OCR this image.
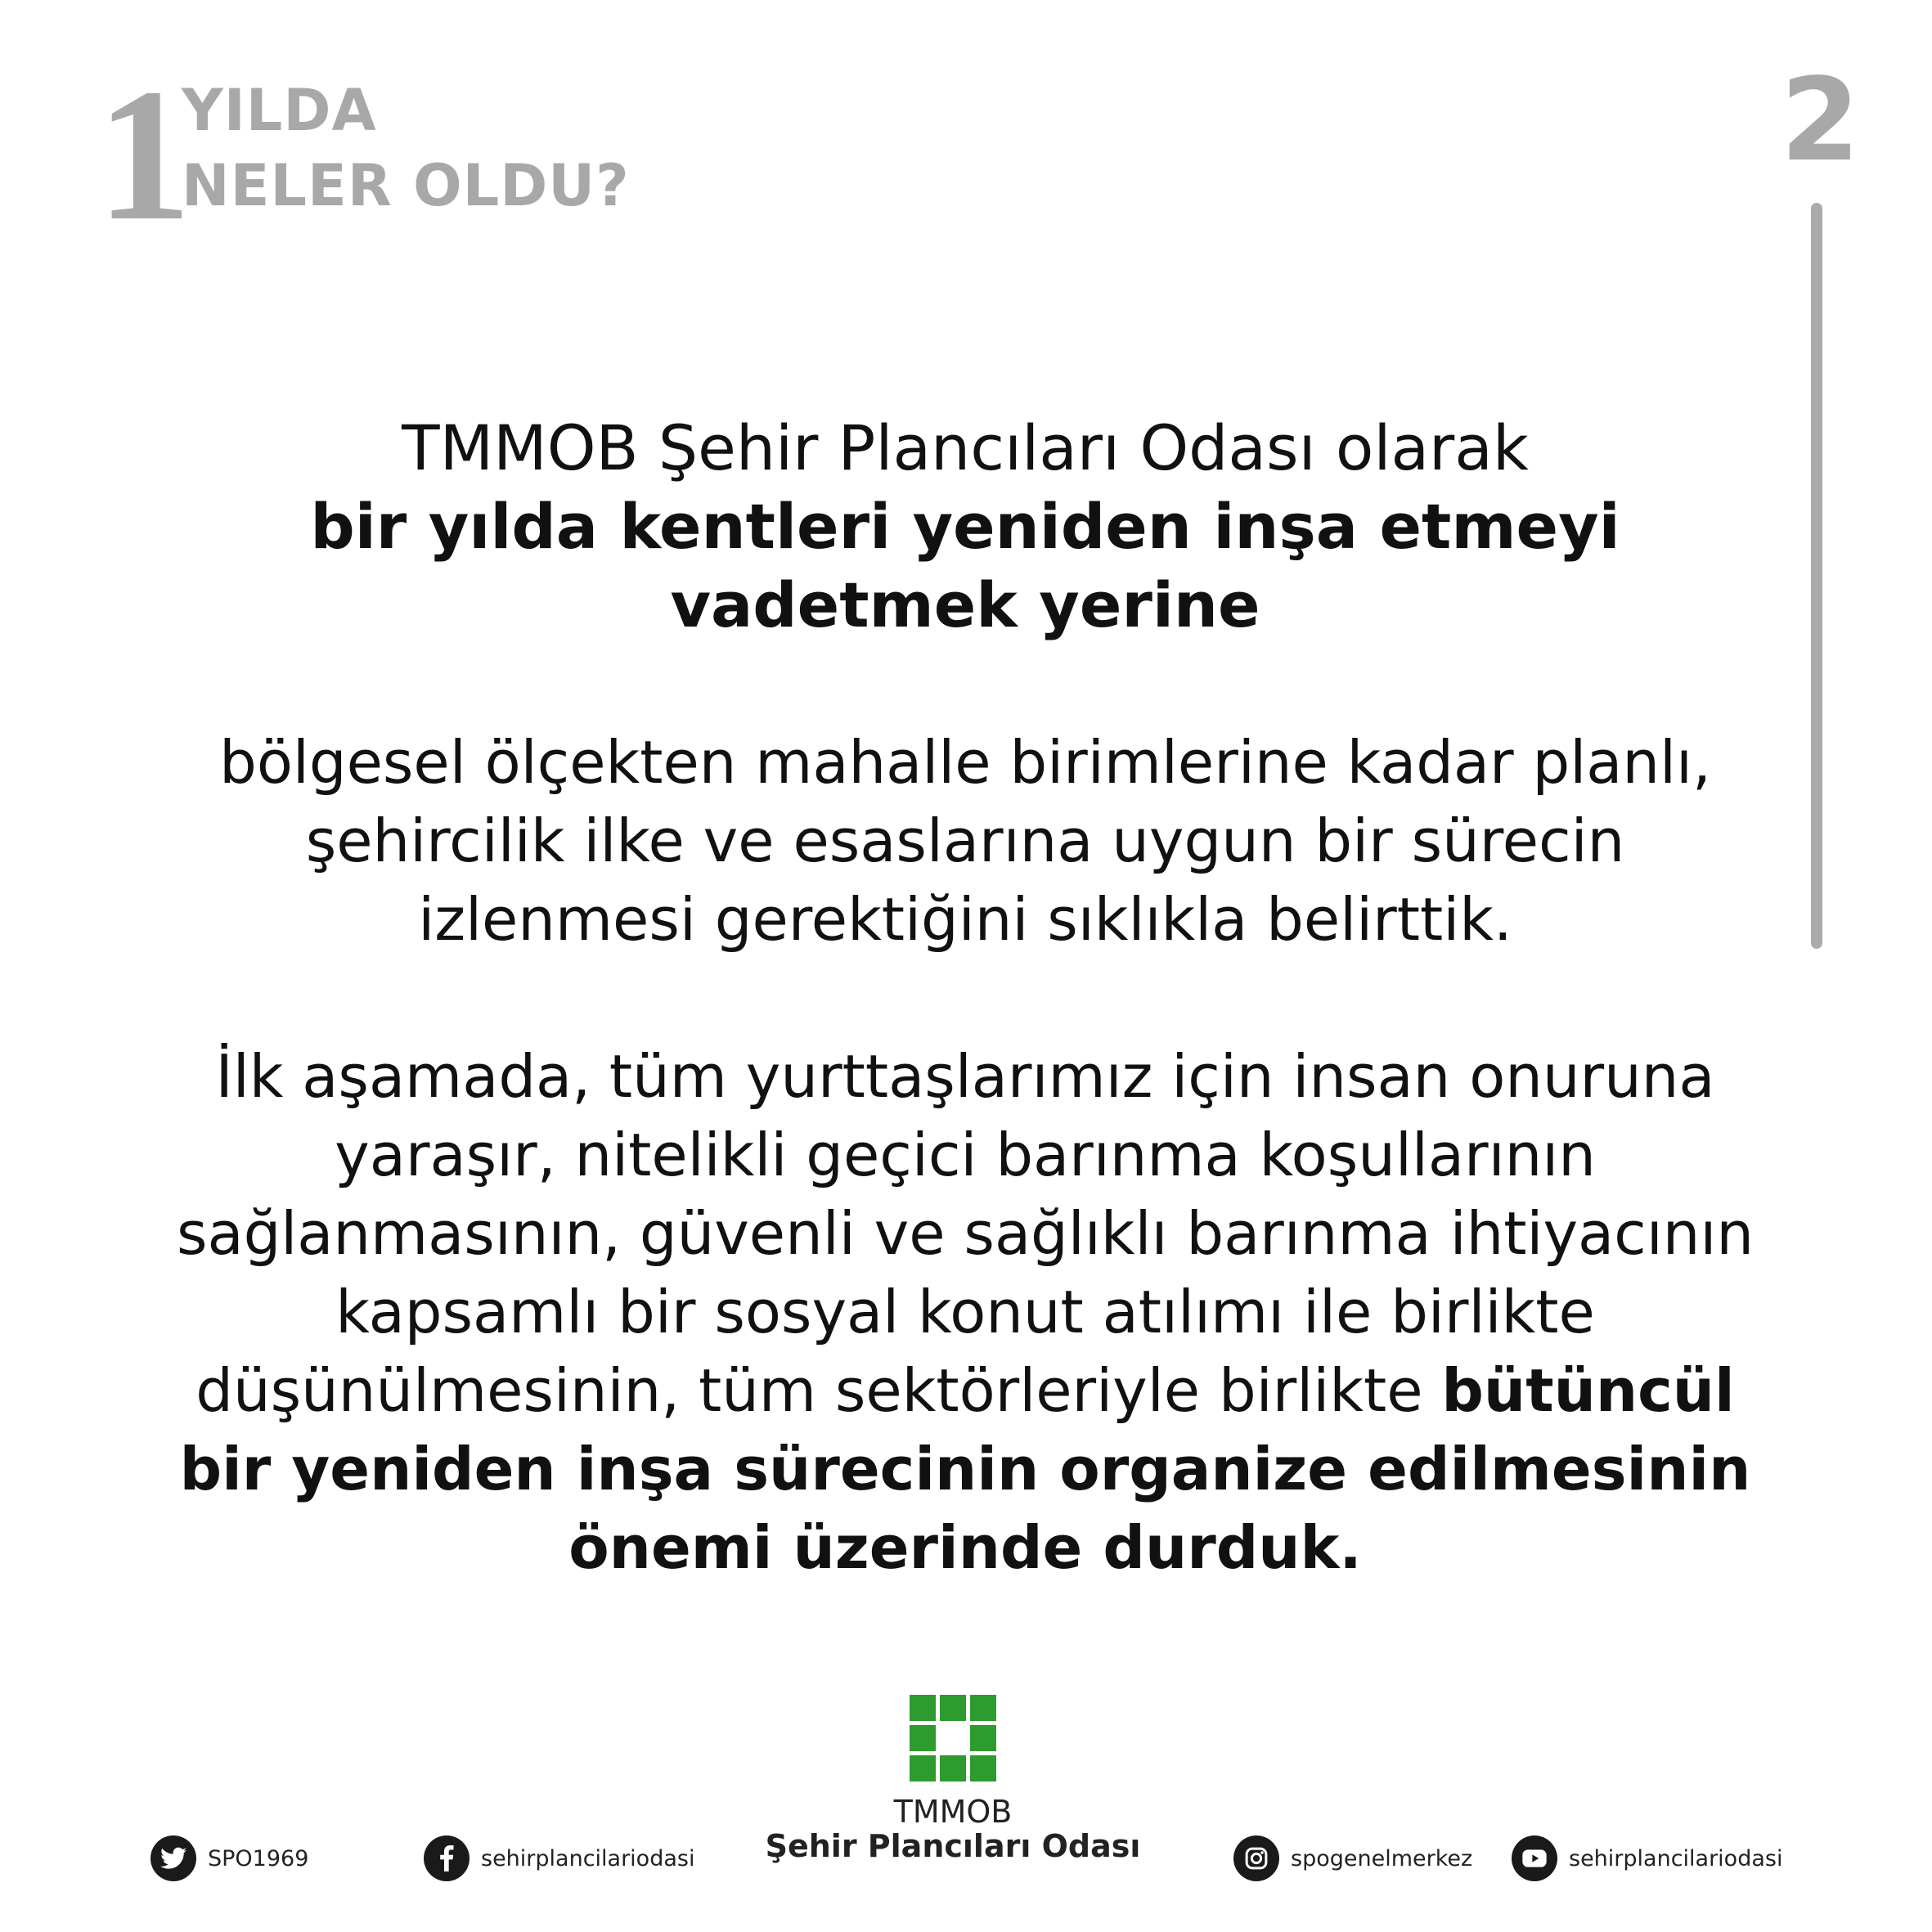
1
YILDA
NELER OLDU?	2

TMMOB Şehir Plancıları Odası olarak

bir yılda kentleri yeniden inşa etmeyi vadetmek yerine

bölgesel ölçekten mahalle birimlerine kadar planlı, şehircilik ilke ve esaslarına uygun bir sürecin izlenmesi gerektiğini sıklıkla belirttik.

İlk aşamada, tüm yurttaşlarımız için insan onuruna yaraşır, nitelikli geçici barınma koşullarının sağlanmasının, güvenli ve sağlıklı barınma ihtiyacının kapsamlı bir sosyal konut atılımı ile birlikte düşünülmesinin, tüm sektörleriyle birlikte bütüncül bir yeniden inşa sürecinin organize edilmesinin önemi üzerinde durduk.

TMMOB
Şehir Plancıları Odası
SPO1969	sehirplancilariodasi	spogenelmerkez	sehirplancilariodasi
